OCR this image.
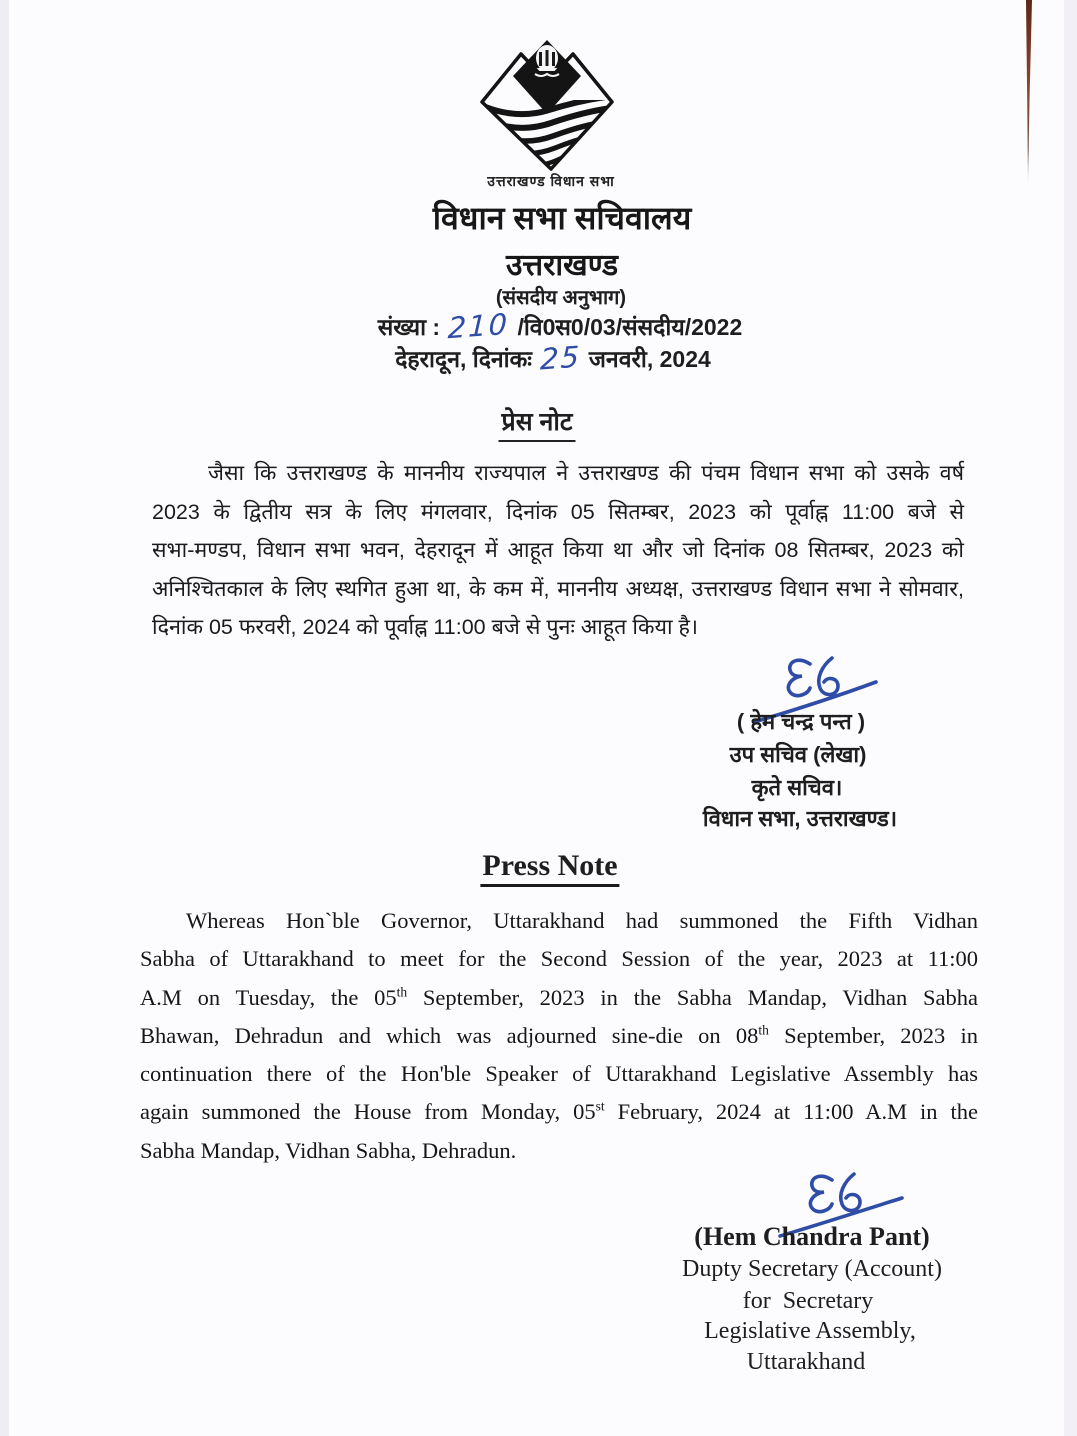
उत्तराखण्ड विधान सभा
विधान सभा सचिवालय
उत्तराखण्ड
(संसदीय अनुभाग)
संख्या : 210 /वि0स0/03/संसदीय/2022
देहरादून, दिनांकः 25 जनवरी, 2024
प्रेस नोट
जैसा कि उत्तराखण्ड के माननीय राज्यपाल ने उत्तराखण्ड की पंचम विधान सभा को उसके वर्ष
2023 के द्वितीय सत्र के लिए मंगलवार, दिनांक 05 सितम्बर, 2023 को पूर्वाह्न 11:00 बजे से
सभा-मण्डप, विधान सभा भवन, देहरादून में आहूत किया था और जो दिनांक 08 सितम्बर, 2023 को
अनिश्चितकाल के लिए स्थगित हुआ था, के कम में, माननीय अध्यक्ष, उत्तराखण्ड विधान सभा ने सोमवार,
दिनांक 05 फरवरी, 2024 को पूर्वाह्न 11:00 बजे से पुनः आहूत किया है।
( हेम चन्द्र पन्त )
उप सचिव (लेखा)
कृते सचिव।
विधान सभा, उत्तराखण्ड।
Press Note
Whereas Hon`ble Governor, Uttarakhand had summoned the Fifth Vidhan
Sabha of Uttarakhand to meet for the Second Session of the year, 2023 at 11:00
A.M on Tuesday, the 05th September, 2023 in the Sabha Mandap, Vidhan Sabha
Bhawan, Dehradun and which was adjourned sine-die on 08th September, 2023 in
continuation there of the Hon'ble Speaker of Uttarakhand Legislative Assembly has
again summoned the House from Monday, 05st February, 2024 at 11:00 A.M in the
Sabha Mandap, Vidhan Sabha, Dehradun.
(Hem Chandra Pant)
Dupty Secretary (Account)
for Secretary
Legislative Assembly,
Uttarakhand
